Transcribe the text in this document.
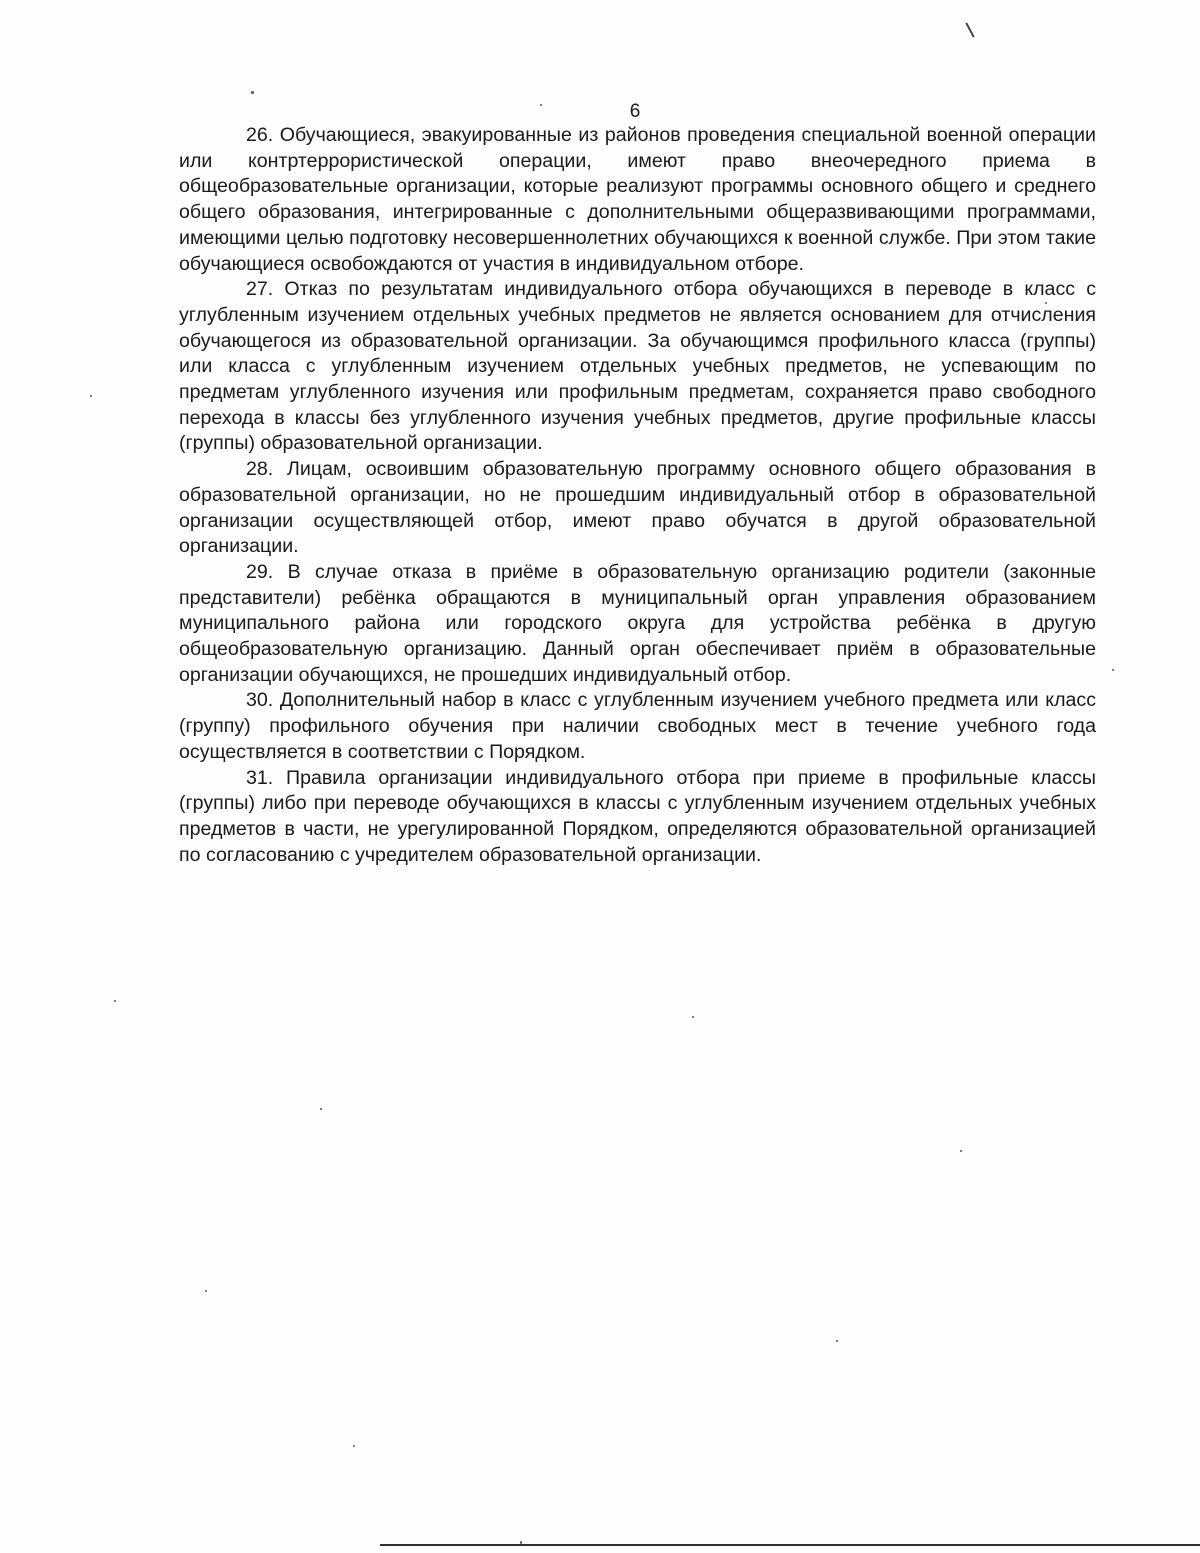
6

26. Обучающиеся, эвакуированные из районов проведения специальной военной операции или контртеррористической операции, имеют право внеочередного приема в общеобразовательные организации, которые реализуют программы основного общего и среднего общего образования, интегрированные с дополнительными общеразвивающими программами, имеющими целью подготовку несовершеннолетних обучающихся к военной службе. При этом такие обучающиеся освобождаются от участия в индивидуальном отборе.

27. Отказ по результатам индивидуального отбора обучающихся в переводе в класс с углубленным изучением отдельных учебных предметов не является основанием для отчисления обучающегося из образовательной организации. За обучающимся профильного класса (группы) или класса с углубленным изучением отдельных учебных предметов, не успевающим по предметам углубленного изучения или профильным предметам, сохраняется право свободного перехода в классы без углубленного изучения учебных предметов, другие профильные классы (группы) образовательной организации.

28. Лицам, освоившим образовательную программу основного общего образования в образовательной организации, но не прошедшим индивидуальный отбор в образовательной организации осуществляющей отбор, имеют право обучатся в другой образовательной организации.

29. В случае отказа в приёме в образовательную организацию родители (законные представители) ребёнка обращаются в муниципальный орган управления образованием муниципального района или городского округа для устройства ребёнка в другую общеобразовательную организацию. Данный орган обеспечивает приём в образовательные организации обучающихся, не прошедших индивидуальный отбор.

30. Дополнительный набор в класс с углубленным изучением учебного предмета или класс (группу) профильного обучения при наличии свободных мест в течение учебного года осуществляется в соответствии с Порядком.

31. Правила организации индивидуального отбора при приеме в профильные классы (группы) либо при переводе обучающихся в классы с углубленным изучением отдельных учебных предметов в части, не урегулированной Порядком, определяются образовательной организацией по согласованию с учредителем образовательной организации.
